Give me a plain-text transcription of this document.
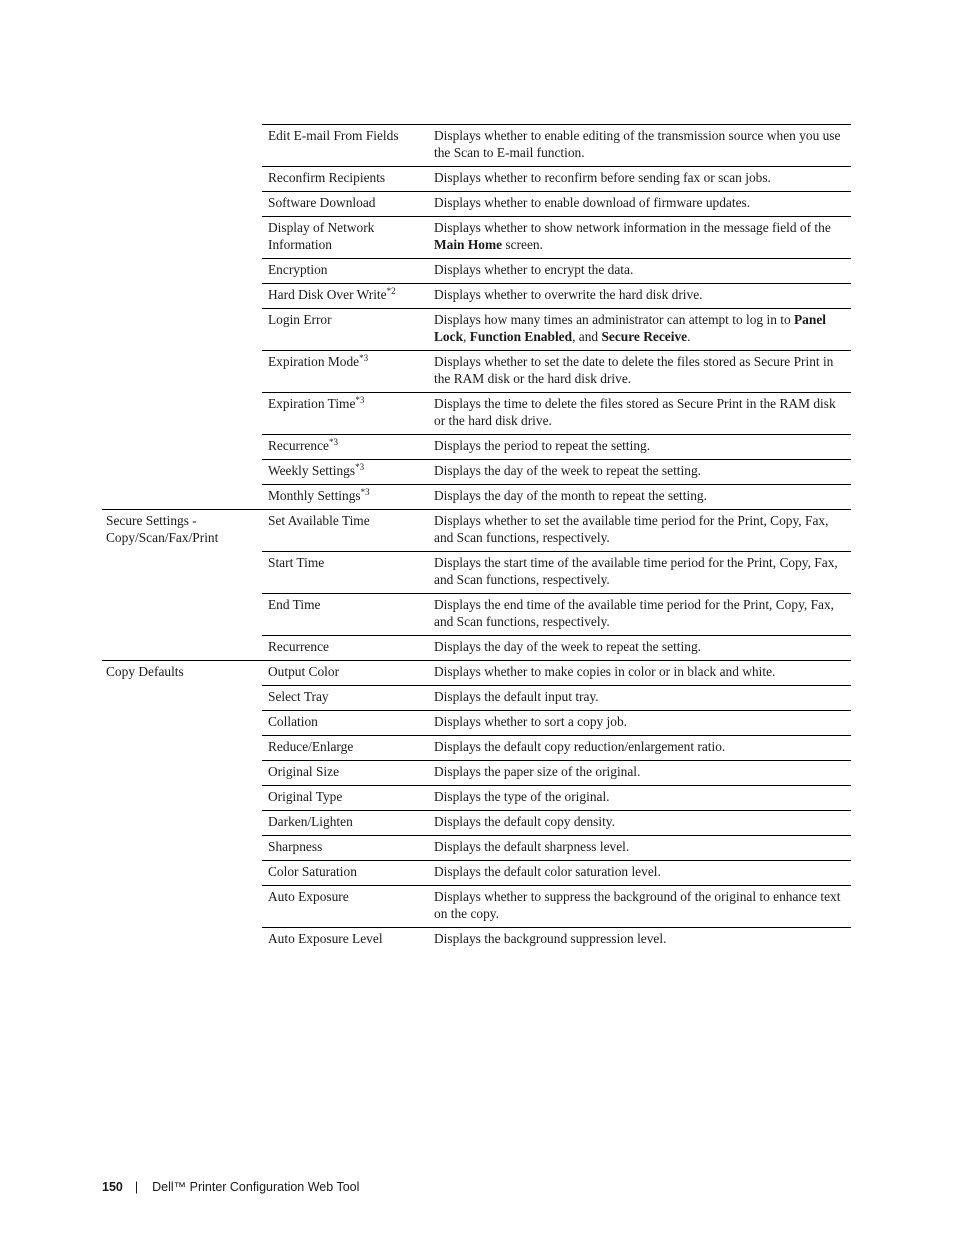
	Edit E-mail From Fields	Displays whether to enable editing of the transmission source when you use the Scan to E-mail function.
	Reconfirm Recipients	Displays whether to reconfirm before sending fax or scan jobs.
	Software Download	Displays whether to enable download of firmware updates.
	Display of Network Information	Displays whether to show network information in the message field of the Main Home screen.
	Encryption	Displays whether to encrypt the data.
	Hard Disk Over Write$^{*2}$	Displays whether to overwrite the hard disk drive.
	Login Error	Displays how many times an administrator can attempt to log in to Panel Lock, Function Enabled, and Secure Receive.
	Expiration Mode$^{*3}$	Displays whether to set the date to delete the files stored as Secure Print in the RAM disk or the hard disk drive.
	Expiration Time$^{*3}$	Displays the time to delete the files stored as Secure Print in the RAM disk or the hard disk drive.
	Recurrence$^{*3}$	Displays the period to repeat the setting.
	Weekly Settings$^{*3}$	Displays the day of the week to repeat the setting.
	Monthly Settings$^{*3}$	Displays the day of the month to repeat the setting.
Secure Settings - Copy/Scan/Fax/Print	Set Available Time	Displays whether to set the available time period for the Print, Copy, Fax, and Scan functions, respectively.
	Start Time	Displays the start time of the available time period for the Print, Copy, Fax, and Scan functions, respectively.
	End Time	Displays the end time of the available time period for the Print, Copy, Fax, and Scan functions, respectively.
	Recurrence	Displays the day of the week to repeat the setting.
Copy Defaults	Output Color	Displays whether to make copies in color or in black and white.
	Select Tray	Displays the default input tray.
	Collation	Displays whether to sort a copy job.
	Reduce/Enlarge	Displays the default copy reduction/enlargement ratio.
	Original Size	Displays the paper size of the original.
	Original Type	Displays the type of the original.
	Darken/Lighten	Displays the default copy density.
	Sharpness	Displays the default sharpness level.
	Color Saturation	Displays the default color saturation level.
	Auto Exposure	Displays whether to suppress the background of the original to enhance text on the copy.
	Auto Exposure Level	Displays the background suppression level.
150 | Dell™ Printer Configuration Web Tool
